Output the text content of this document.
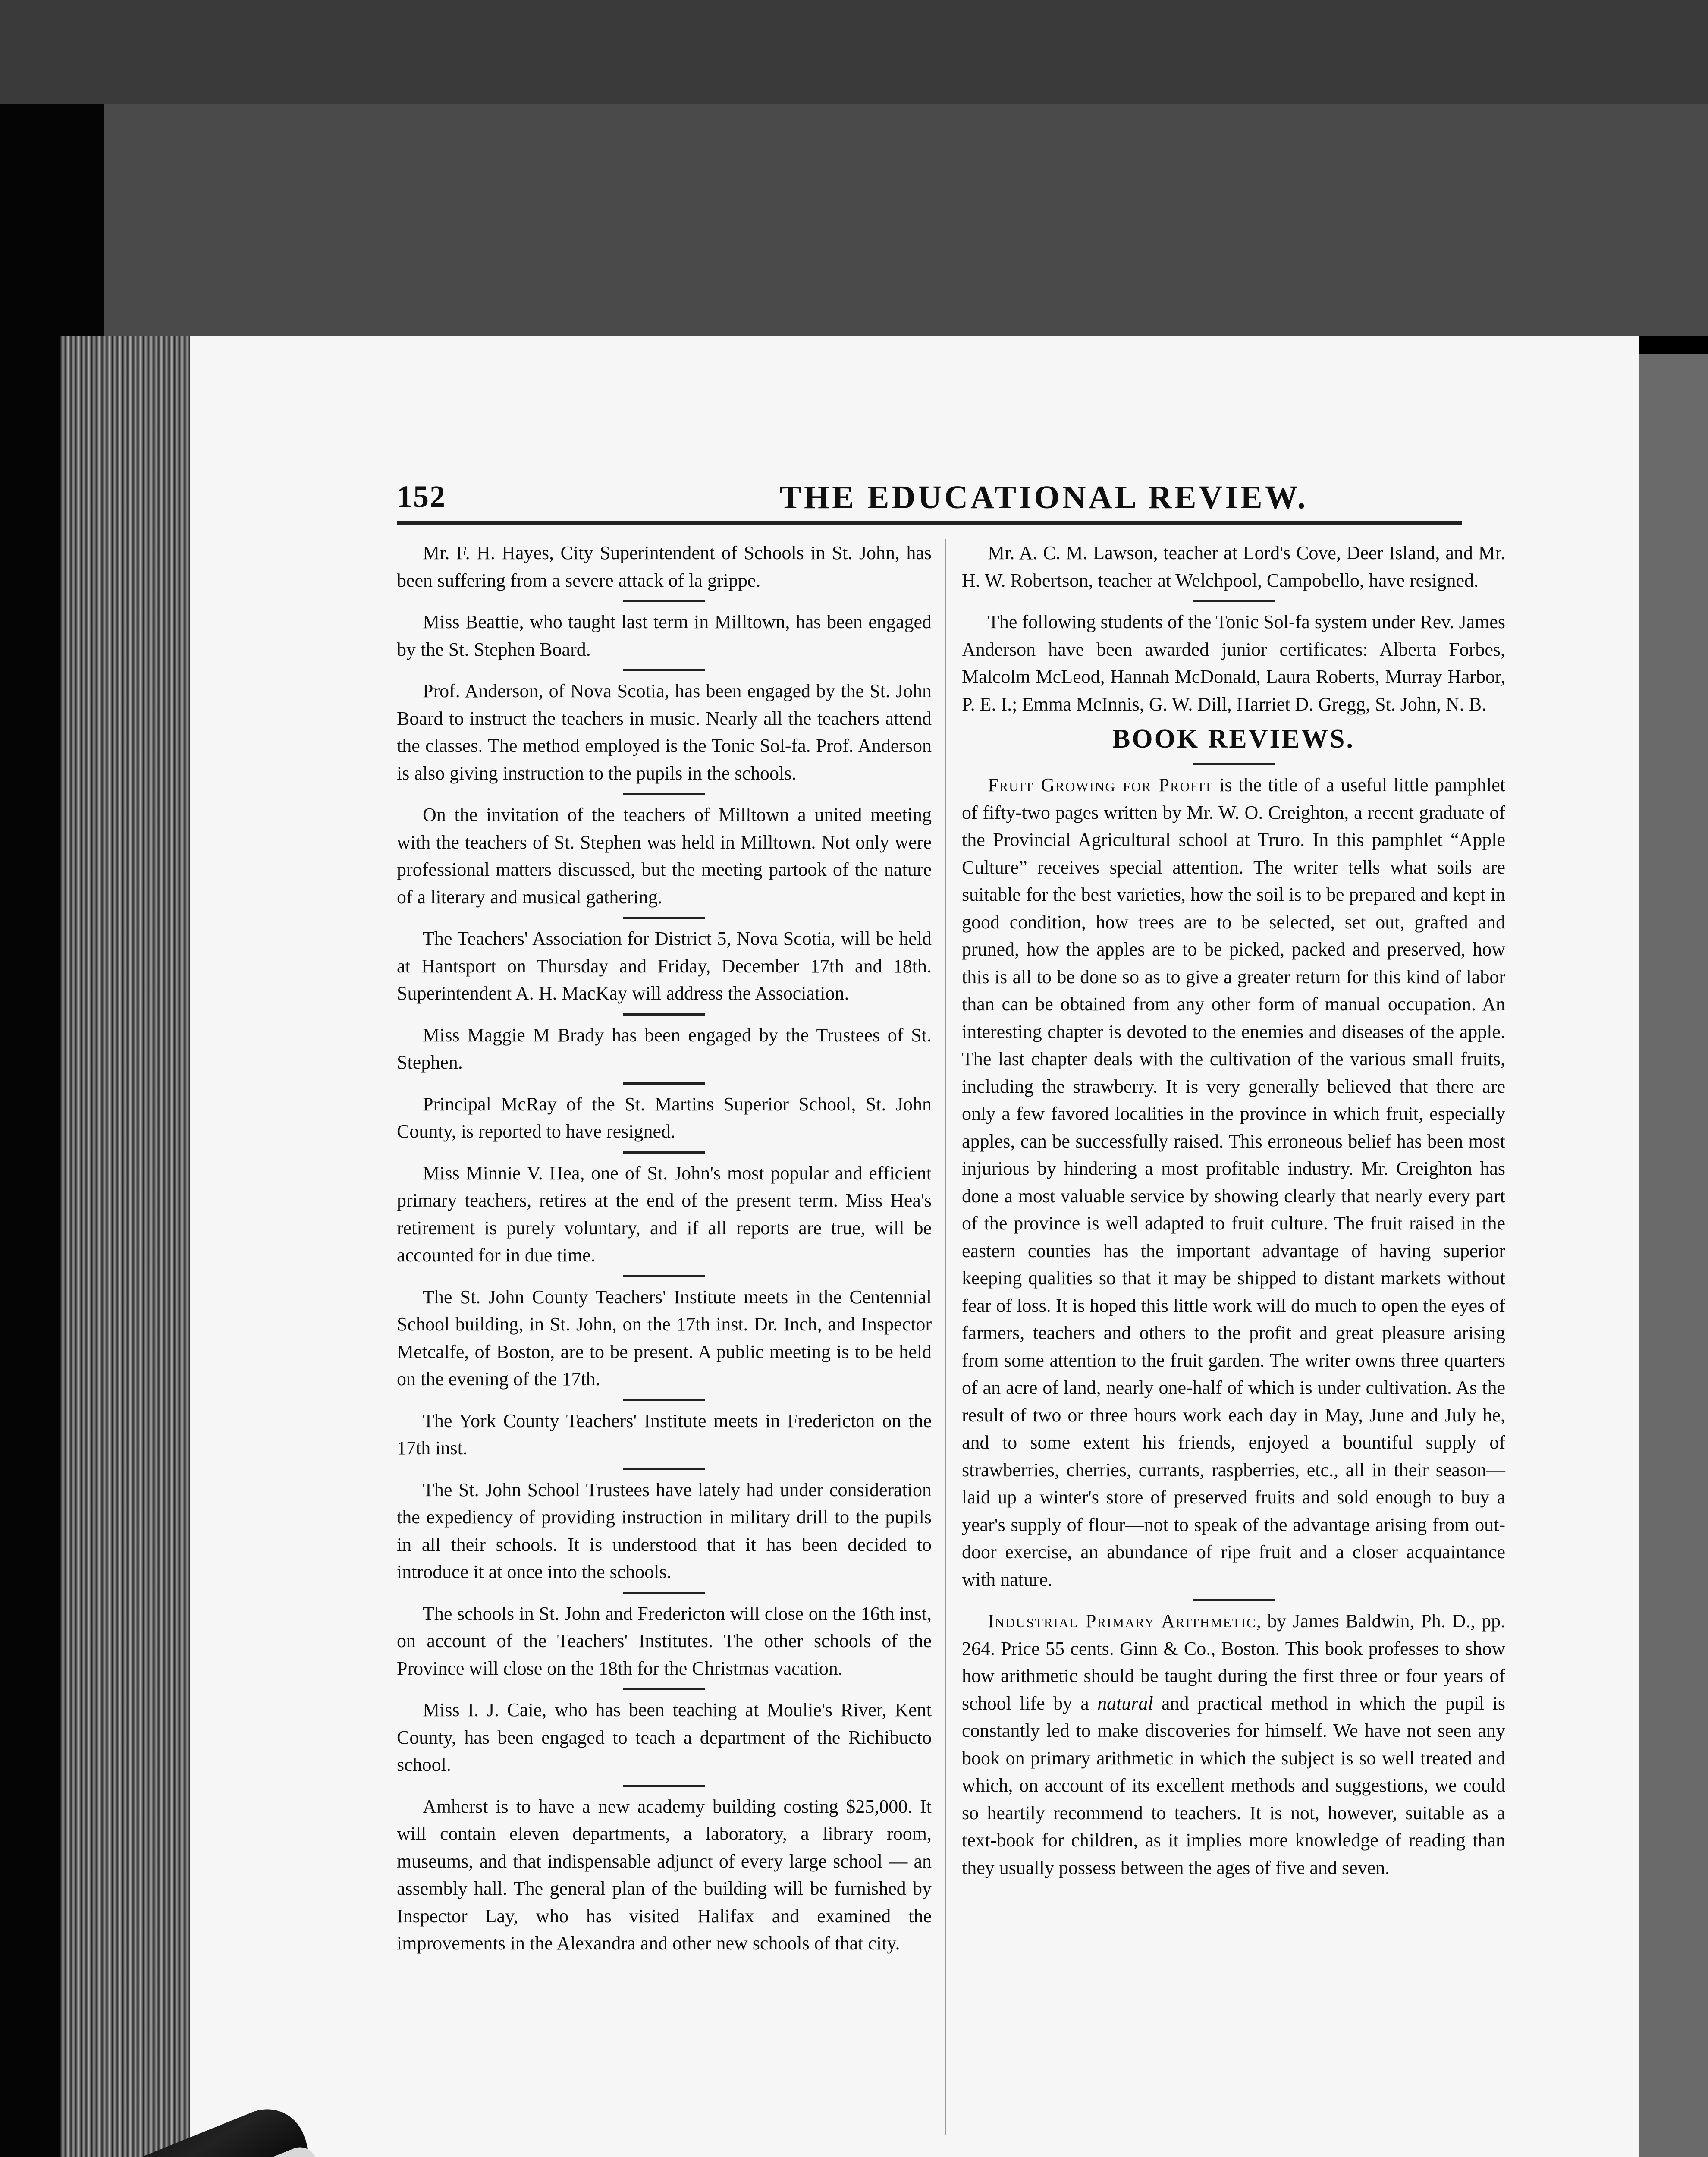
152	THE EDUCATIONAL REVIEW.

Mr. F. H. Hayes, City Superintendent of Schools in St. John, has been suffering from a severe attack of la grippe.

Miss Beattie, who taught last term in Milltown, has been engaged by the St. Stephen Board.

Prof. Anderson, of Nova Scotia, has been engaged by the St. John Board to instruct the teachers in music. Nearly all the teachers attend the classes. The method employed is the Tonic Sol-fa. Prof. Anderson is also giving instruction to the pupils in the schools.

On the invitation of the teachers of Milltown a united meeting with the teachers of St. Stephen was held in Milltown. Not only were professional matters discussed, but the meeting partook of the nature of a literary and musical gathering.

The Teachers' Association for District 5, Nova Scotia, will be held at Hantsport on Thursday and Friday, December 17th and 18th. Superintendent A. H. MacKay will address the Association.

Miss Maggie M Brady has been engaged by the Trustees of St. Stephen.

Principal McRay of the St. Martins Superior School, St. John County, is reported to have resigned.

Miss Minnie V. Hea, one of St. John's most popular and efficient primary teachers, retires at the end of the present term. Miss Hea's retirement is purely voluntary, and if all reports are true, will be accounted for in due time.

The St. John County Teachers' Institute meets in the Centennial School building, in St. John, on the 17th inst. Dr. Inch, and Inspector Metcalfe, of Boston, are to be present. A public meeting is to be held on the evening of the 17th.

The York County Teachers' Institute meets in Fredericton on the 17th inst.

The St. John School Trustees have lately had under consideration the expediency of providing instruction in military drill to the pupils in all their schools. It is understood that it has been decided to introduce it at once into the schools.

The schools in St. John and Fredericton will close on the 16th inst, on account of the Teachers' Institutes. The other schools of the Province will close on the 18th for the Christmas vacation.

Miss I. J. Caie, who has been teaching at Moulie's River, Kent County, has been engaged to teach a department of the Richibucto school.

Amherst is to have a new academy building costing $25,000. It will contain eleven departments, a laboratory, a library room, museums, and that indispensable adjunct of every large school — an assembly hall. The general plan of the building will be furnished by Inspector Lay, who has visited Halifax and examined the improvements in the Alexandra and other new schools of that city.

Mr. A. C. M. Lawson, teacher at Lord's Cove, Deer Island, and Mr. H. W. Robertson, teacher at Welchpool, Campobello, have resigned.

The following students of the Tonic Sol-fa system under Rev. James Anderson have been awarded junior certificates: Alberta Forbes, Malcolm McLeod, Hannah McDonald, Laura Roberts, Murray Harbor, P. E. I.; Emma McInnis, G. W. Dill, Harriet D. Gregg, St. John, N. B.

BOOK REVIEWS.

Fruit Growing for Profit is the title of a useful little pamphlet of fifty-two pages written by Mr. W. O. Creighton, a recent graduate of the Provincial Agricultural school at Truro. In this pamphlet “Apple Culture” receives special attention. The writer tells what soils are suitable for the best varieties, how the soil is to be prepared and kept in good condition, how trees are to be selected, set out, grafted and pruned, how the apples are to be picked, packed and preserved, how this is all to be done so as to give a greater return for this kind of labor than can be obtained from any other form of manual occupation. An interesting chapter is devoted to the enemies and diseases of the apple. The last chapter deals with the cultivation of the various small fruits, including the strawberry. It is very generally believed that there are only a few favored localities in the province in which fruit, especially apples, can be successfully raised. This erroneous belief has been most injurious by hindering a most profitable industry. Mr. Creighton has done a most valuable service by showing clearly that nearly every part of the province is well adapted to fruit culture. The fruit raised in the eastern counties has the important advantage of having superior keeping qualities so that it may be shipped to distant markets without fear of loss. It is hoped this little work will do much to open the eyes of farmers, teachers and others to the profit and great pleasure arising from some attention to the fruit garden. The writer owns three quarters of an acre of land, nearly one-half of which is under cultivation. As the result of two or three hours work each day in May, June and July he, and to some extent his friends, enjoyed a bountiful supply of strawberries, cherries, currants, raspberries, etc., all in their season—laid up a winter's store of preserved fruits and sold enough to buy a year's supply of flour—not to speak of the advantage arising from out-door exercise, an abundance of ripe fruit and a closer acquaintance with nature.

Industrial Primary Arithmetic, by James Baldwin, Ph. D., pp. 264. Price 55 cents. Ginn & Co., Boston. This book professes to show how arithmetic should be taught during the first three or four years of school life by a natural and practical method in which the pupil is constantly led to make discoveries for himself. We have not seen any book on primary arithmetic in which the subject is so well treated and which, on account of its excellent methods and suggestions, we could so heartily recommend to teachers. It is not, however, suitable as a text-book for children, as it implies more knowledge of reading than they usually possess between the ages of five and seven.
